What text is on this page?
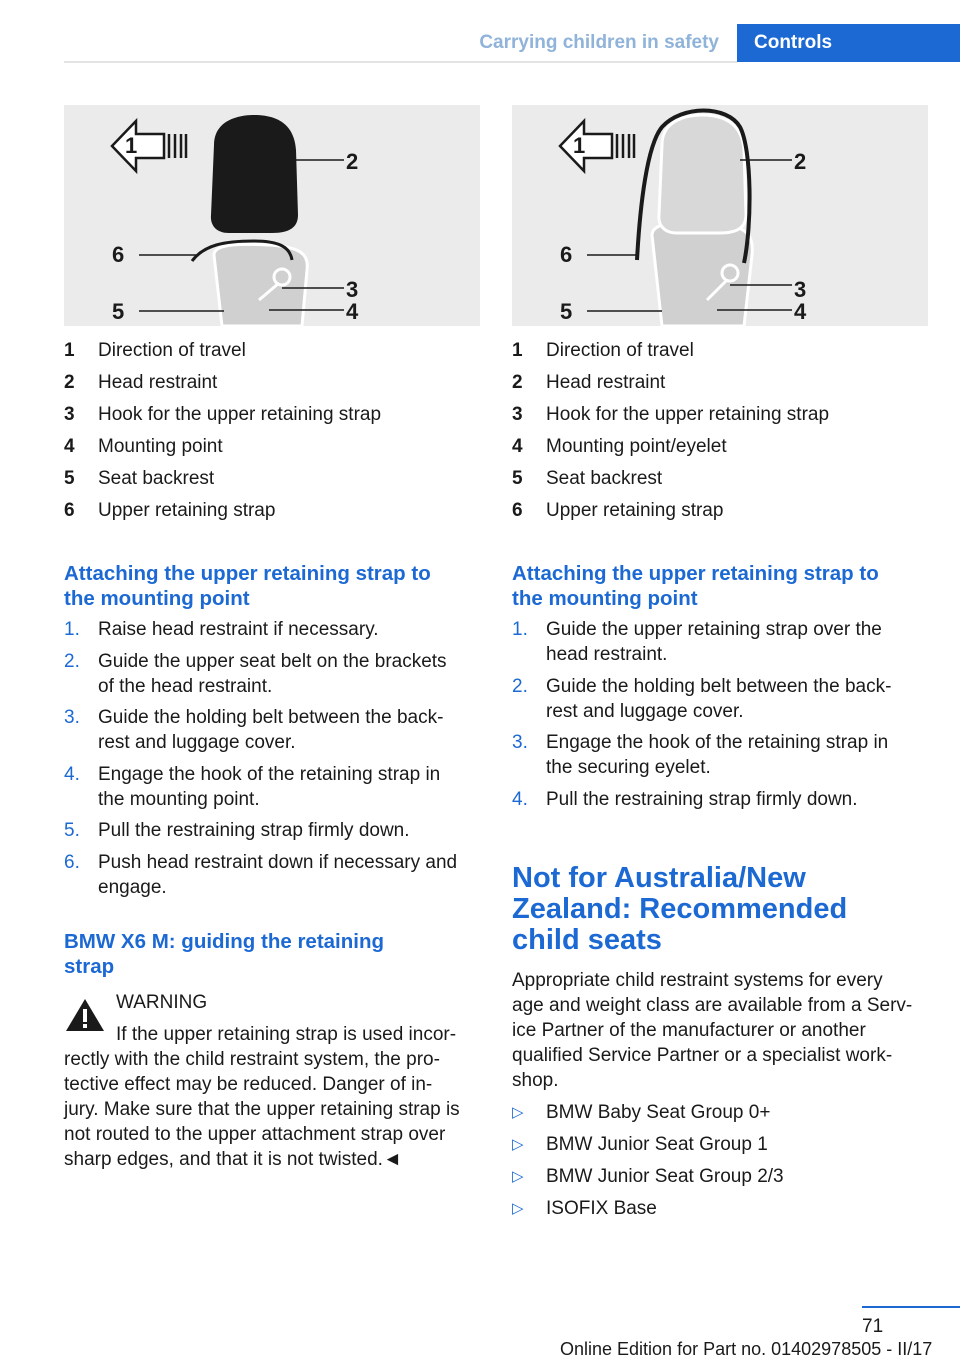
Carrying children in safety	Controls
1
2
3
4
5
6
1
2
3
4
5
6
1	Direction of travel
2	Head restraint
3	Hook for the upper retaining strap
4	Mounting point
5	Seat backrest
6	Upper retaining strap
1	Direction of travel
2	Head restraint
3	Hook for the upper retaining strap
4	Mounting point/eyelet
5	Seat backrest
6	Upper retaining strap
Attaching the upper retaining strap to
the mounting point
1. Raise head restraint if necessary.
2. Guide the upper seat belt on the brackets
of the head restraint.
3. Guide the holding belt between the back‐
rest and luggage cover.
4. Engage the hook of the retaining strap in
the mounting point.
5. Pull the restraining strap firmly down.
6. Push head restraint down if necessary and
engage.
BMW X6 M: guiding the retaining
strap
WARNING
If the upper retaining strap is used incor‐
rectly with the child restraint system, the pro‐
tective effect may be reduced. Danger of in‐
jury. Make sure that the upper retaining strap is
not routed to the upper attachment strap over
sharp edges, and that it is not twisted.◄
Attaching the upper retaining strap to
the mounting point
1. Guide the upper retaining strap over the
head restraint.
2. Guide the holding belt between the back‐
rest and luggage cover.
3. Engage the hook of the retaining strap in
the securing eyelet.
4. Pull the restraining strap firmly down.
Not for Australia/New
Zealand: Recommended
child seats

Appropriate child restraint systems for every
age and weight class are available from a Serv‐
ice Partner of the manufacturer or another
qualified Service Partner or a specialist work‐
shop.

▷	BMW Baby Seat Group 0+
▷	BMW Junior Seat Group 1
▷	BMW Junior Seat Group 2/3
▷	ISOFIX Base
71
Online Edition for Part no. 01402978505 - II/17
